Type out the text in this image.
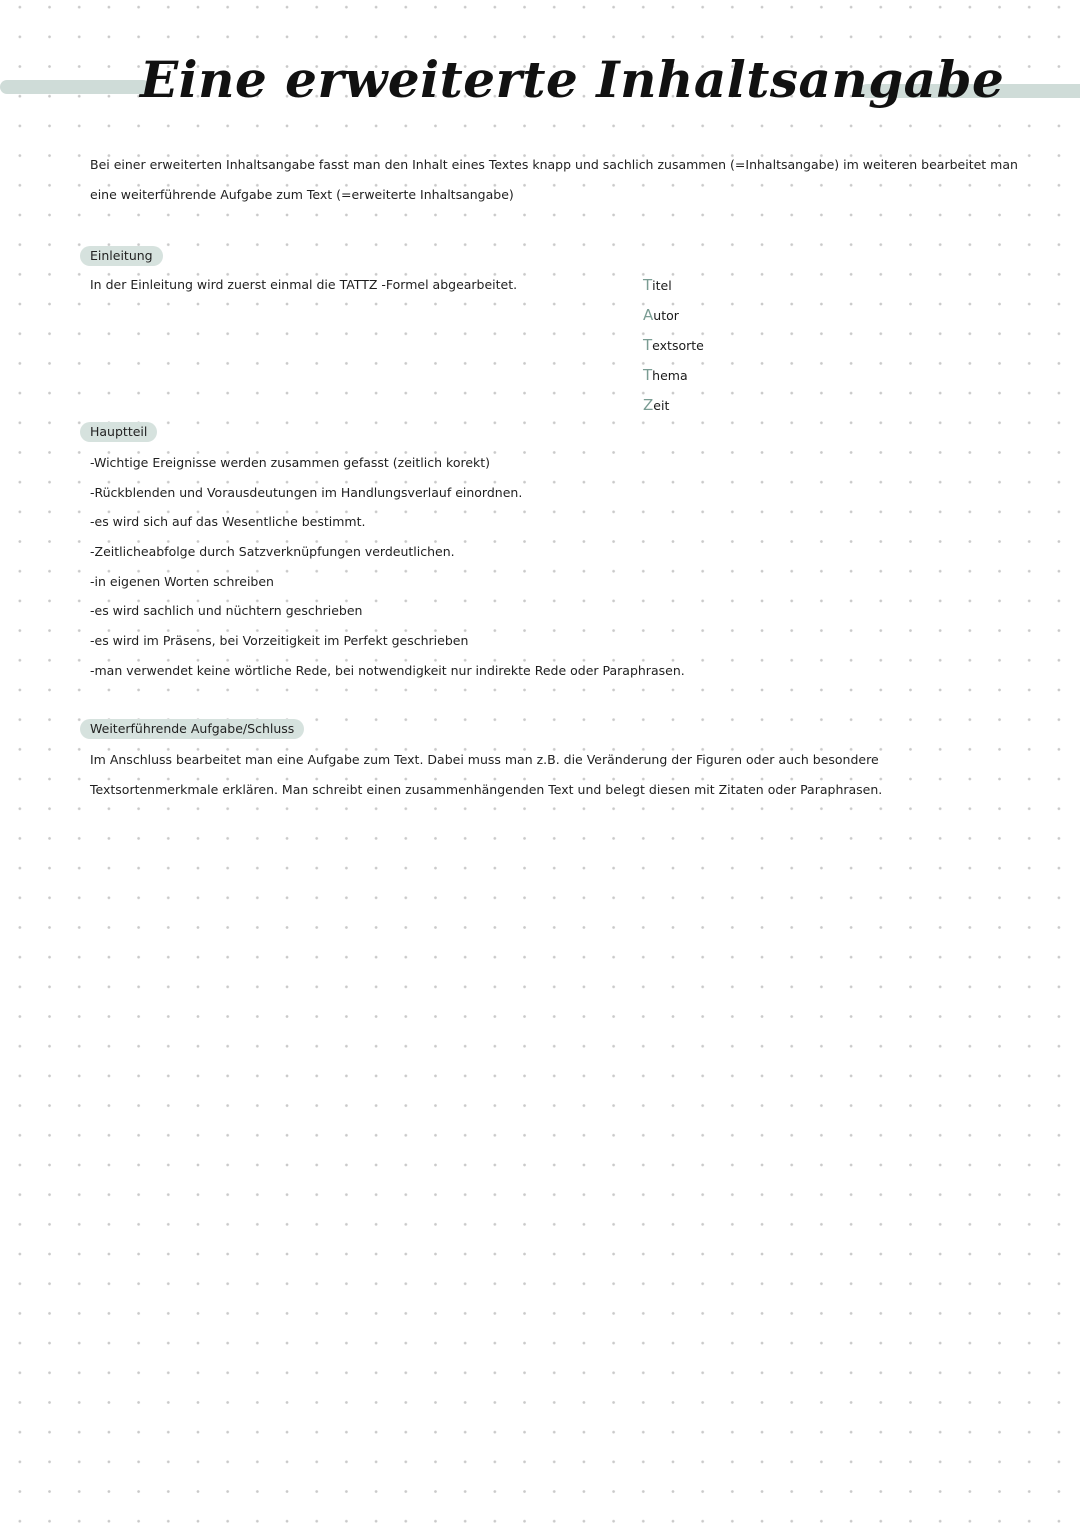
Eine erweiterte Inhaltsangabe

Bei einer erweiterten Inhaltsangabe fasst man den Inhalt eines Textes knapp und sachlich zusammen (=Inhaltsangabe) im weiteren bearbeitet man eine weiterführende Aufgabe zum Text (=erweiterte Inhaltsangabe)

Einleitung
In der Einleitung wird zuerst einmal die TATTZ -Formel abgearbeitet.	Titel
Autor
Textsorte
Thema
Zeit
Hauptteil
-Wichtige Ereignisse werden zusammen gefasst (zeitlich korekt)
-Rückblenden und Vorausdeutungen im Handlungsverlauf einordnen.
-es wird sich auf das Wesentliche bestimmt.
-Zeitlicheabfolge durch Satzverknüpfungen verdeutlichen.
-in eigenen Worten schreiben
-es wird sachlich und nüchtern geschrieben
-es wird im Präsens, bei Vorzeitigkeit im Perfekt geschrieben
-man verwendet keine wörtliche Rede, bei notwendigkeit nur indirekte Rede oder Paraphrasen.
Weiterführende Aufgabe/Schluss

Im Anschluss bearbeitet man eine Aufgabe zum Text. Dabei muss man z.B. die Veränderung der Figuren oder auch besondere Textsortenmerkmale erklären. Man schreibt einen zusammenhängenden Text und belegt diesen mit Zitaten oder Paraphrasen.
